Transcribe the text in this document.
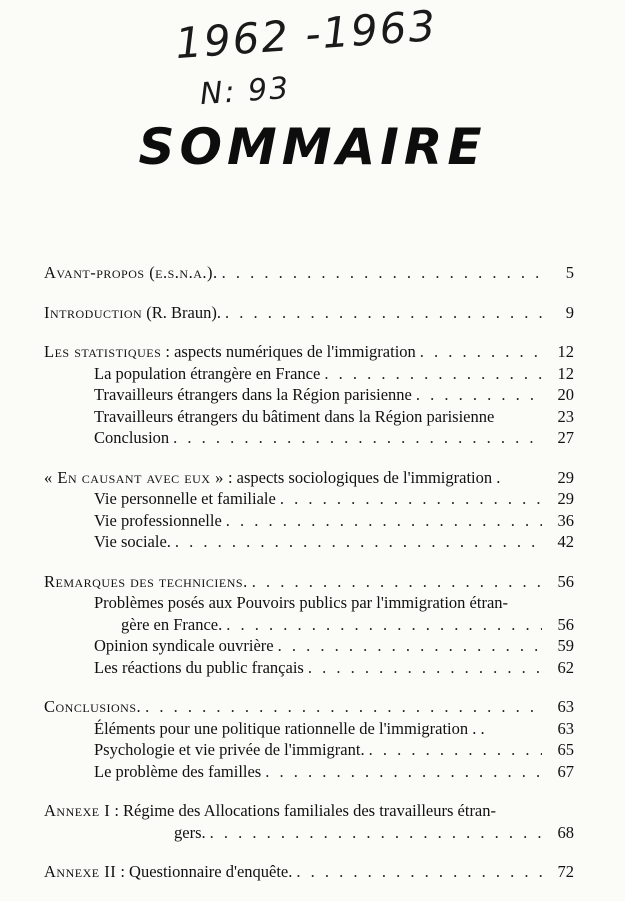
1962 -1963
N: 93
SOMMAIRE
Avant-propos (e.s.n.a.). . . .	5
Introduction (R. Braun). . . .	9
Les statistiques : aspects numériques de l'immigration . . .	12
La population étrangère en France . . .	12
Travailleurs étrangers dans la Région parisienne . . .	20
Travailleurs étrangers du bâtiment dans la Région parisienne	23
Conclusion . . .	27
« En causant avec eux » : aspects sociologiques de l'immigration .	29
Vie personnelle et familiale . . .	29
Vie professionnelle . . .	36
Vie sociale. . . .	42
Remarques des techniciens. . . .	56
Problèmes posés aux Pouvoirs publics par l'immigration étran-
gère en France. . . .	56
Opinion syndicale ouvrière . . .	59
Les réactions du public français . . .	62
Conclusions. . . .	63
Éléments pour une politique rationnelle de l'immigration . .	63
Psychologie et vie privée de l'immigrant. . . .	65
Le problème des familles . . .	67
Annexe I : Régime des Allocations familiales des travailleurs étran-
gers. . . .	68
Annexe II : Questionnaire d'enquête. . . .	72
